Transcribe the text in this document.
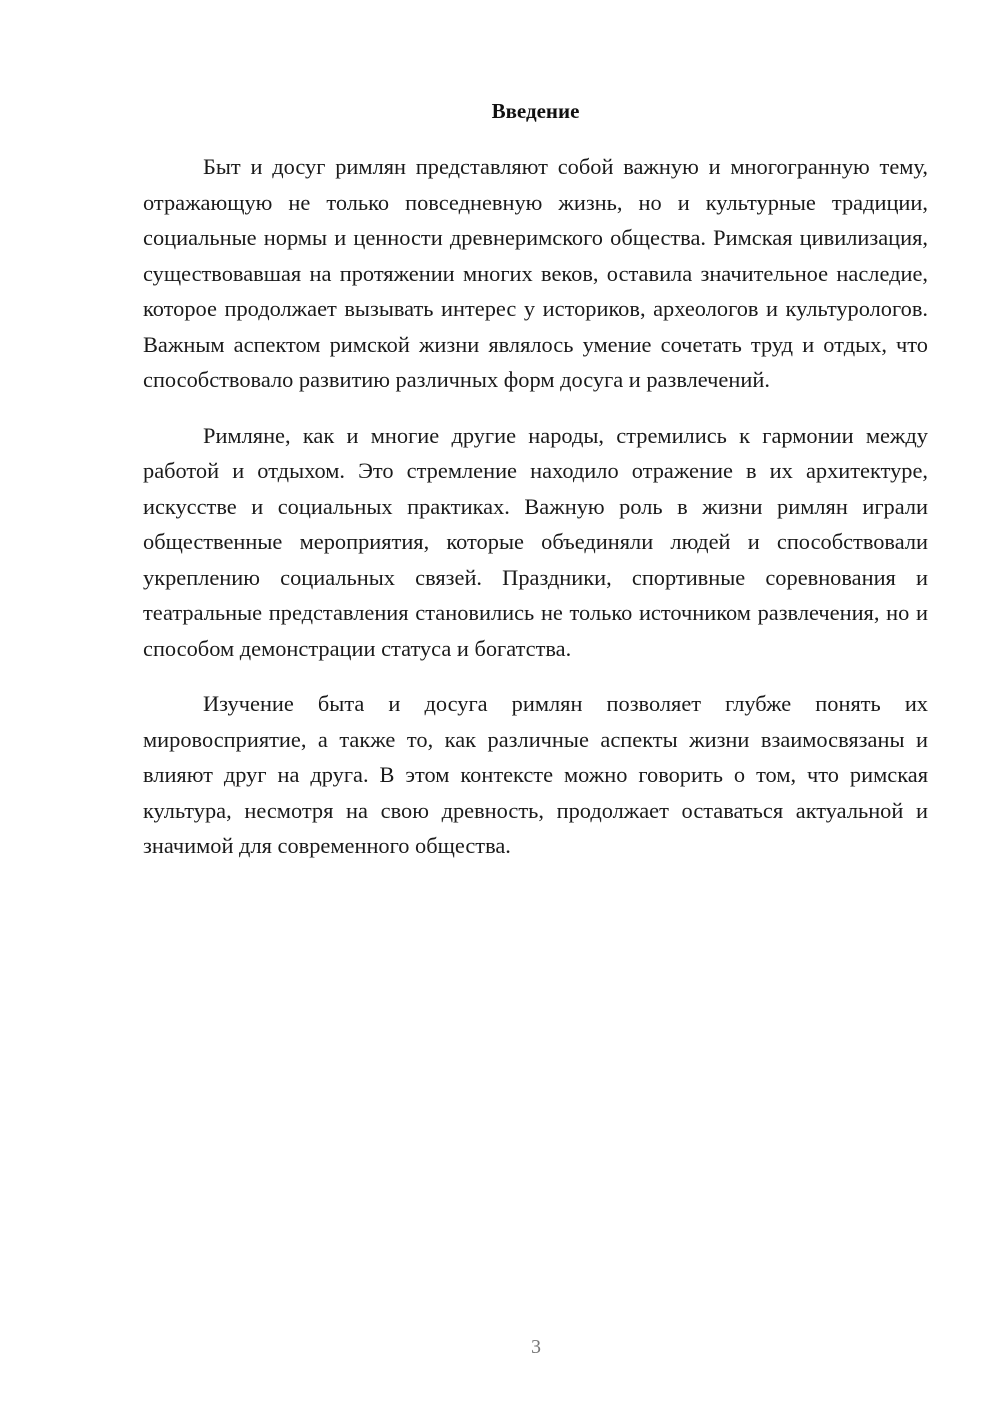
Введение

Быт и досуг римлян представляют собой важную и многогранную тему, отражающую не только повседневную жизнь, но и культурные традиции, социальные нормы и ценности древнеримского общества. Римская цивилизация, существовавшая на протяжении многих веков, оставила значительное наследие, которое продолжает вызывать интерес у историков, археологов и культурологов. Важным аспектом римской жизни являлось умение сочетать труд и отдых, что способствовало развитию различных форм досуга и развлечений.

Римляне, как и многие другие народы, стремились к гармонии между работой и отдыхом. Это стремление находило отражение в их архитектуре, искусстве и социальных практиках. Важную роль в жизни римлян играли общественные мероприятия, которые объединяли людей и способствовали укреплению социальных связей. Праздники, спортивные соревнования и театральные представления становились не только источником развлечения, но и способом демонстрации статуса и богатства.

Изучение быта и досуга римлян позволяет глубже понять их мировосприятие, а также то, как различные аспекты жизни взаимосвязаны и влияют друг на друга. В этом контексте можно говорить о том, что римская культура, несмотря на свою древность, продолжает оставаться актуальной и значимой для современного общества.

3
